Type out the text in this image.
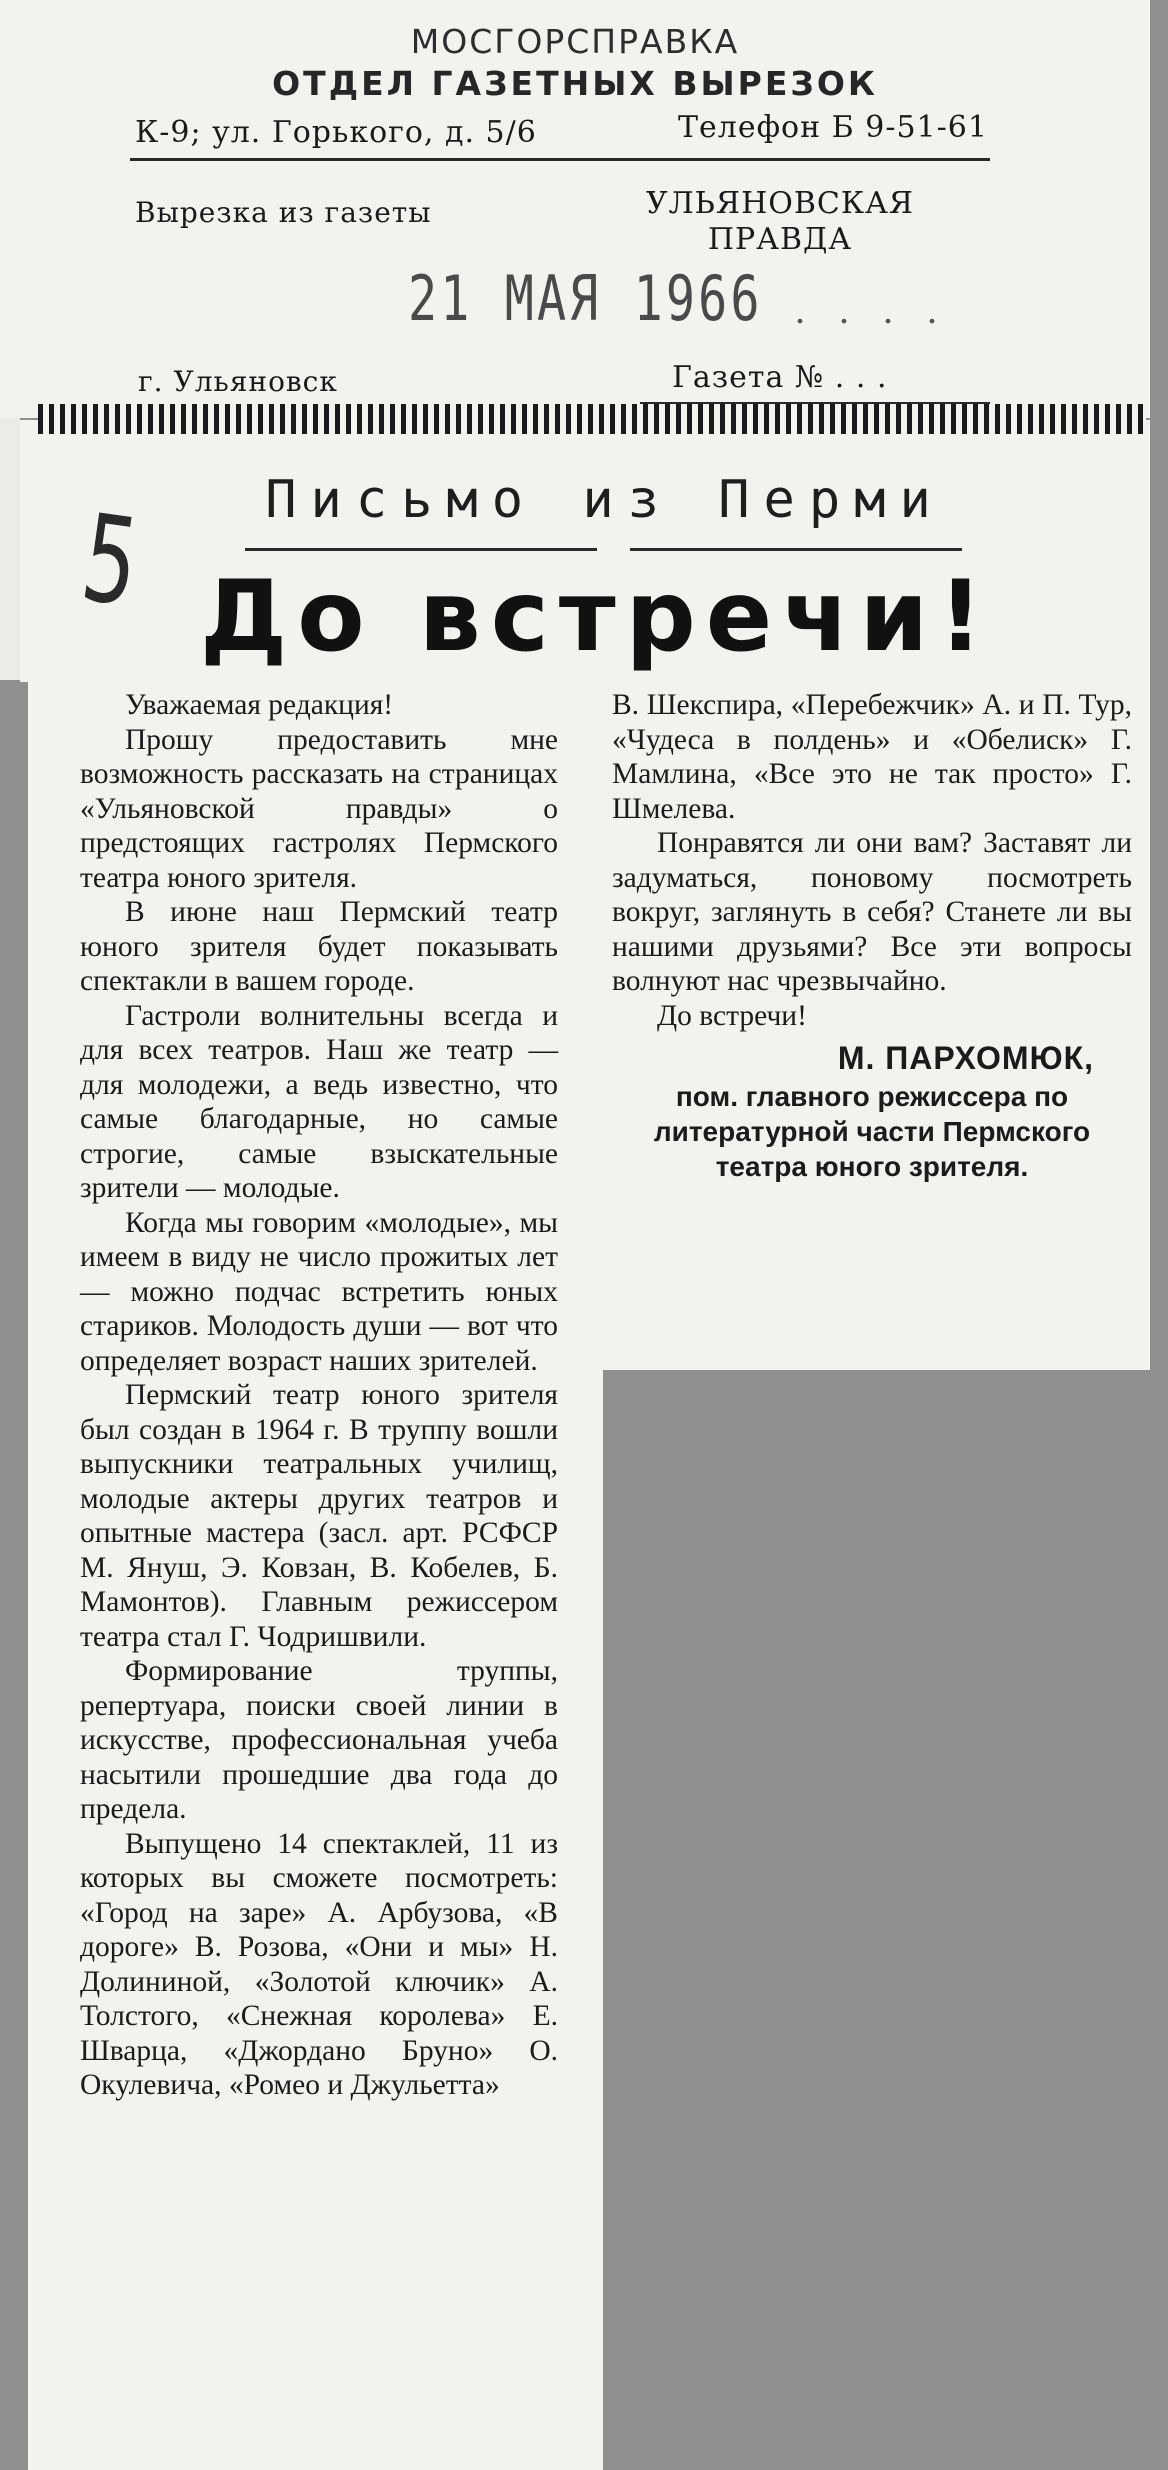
МОСГОРСПРАВКА
ОТДЕЛ ГАЗЕТНЫХ ВЫРЕЗОК
К-9; ул. Горького, д. 5/6	Телефон Б 9-51-61
Вырезка из газеты	УЛЬЯНОВСКАЯ
ПРАВДА
21 МАЯ 1966 . . . .
г. Ульяновск	Газета № . . .
5	Письмо из Перми
До встречи!

Уважаемая редакция!

Прошу предоставить мне возможность рассказать на страницах «Ульяновской правды» о предстоящих гастролях Пермского театра юного зрителя.

В июне наш Пермский театр юного зрителя будет показывать спектакли в вашем городе.

Гастроли волнительны всегда и для всех театров. Наш же театр — для молодежи, а ведь известно, что самые благодарные, но самые строгие, самые взыскательные зрители — молодые.

Когда мы говорим «молодые», мы имеем в виду не число прожитых лет — можно подчас встретить юных стариков. Молодость души — вот что определяет возраст наших зрителей.

Пермский театр юного зрителя был создан в 1964 г. В труппу вошли выпускники театральных училищ, молодые актеры других театров и опытные мастера (засл. арт. РСФСР М. Януш, Э. Ковзан, В. Кобелев, Б. Мамонтов). Главным режиссером театра стал Г. Чодришвили.

Формирование труппы, репертуара, поиски своей линии в искусстве, профессиональная учеба насытили прошедшие два года до предела.

Выпущено 14 спектаклей, 11 из которых вы сможете посмотреть: «Город на заре» А. Арбузова, «В дороге» В. Розова, «Они и мы» Н. Долининой, «Золотой ключик» А. Толстого, «Снежная королева» Е. Шварца, «Джордано Бруно» О. Окулевича, «Ромео и Джульетта»

В. Шекспира, «Перебежчик» А. и П. Тур, «Чудеса в полдень» и «Обелиск» Г. Мамлина, «Все это не так просто» Г. Шмелева.

Понравятся ли они вам? Заставят ли задуматься, поновому посмотреть вокруг, заглянуть в себя? Станете ли вы нашими друзьями? Все эти вопросы волнуют нас чрезвычайно.

До встречи!

М. ПАРХОМЮК,
пом. главного режиссера по литературной части Пермского театра юного зрителя.
